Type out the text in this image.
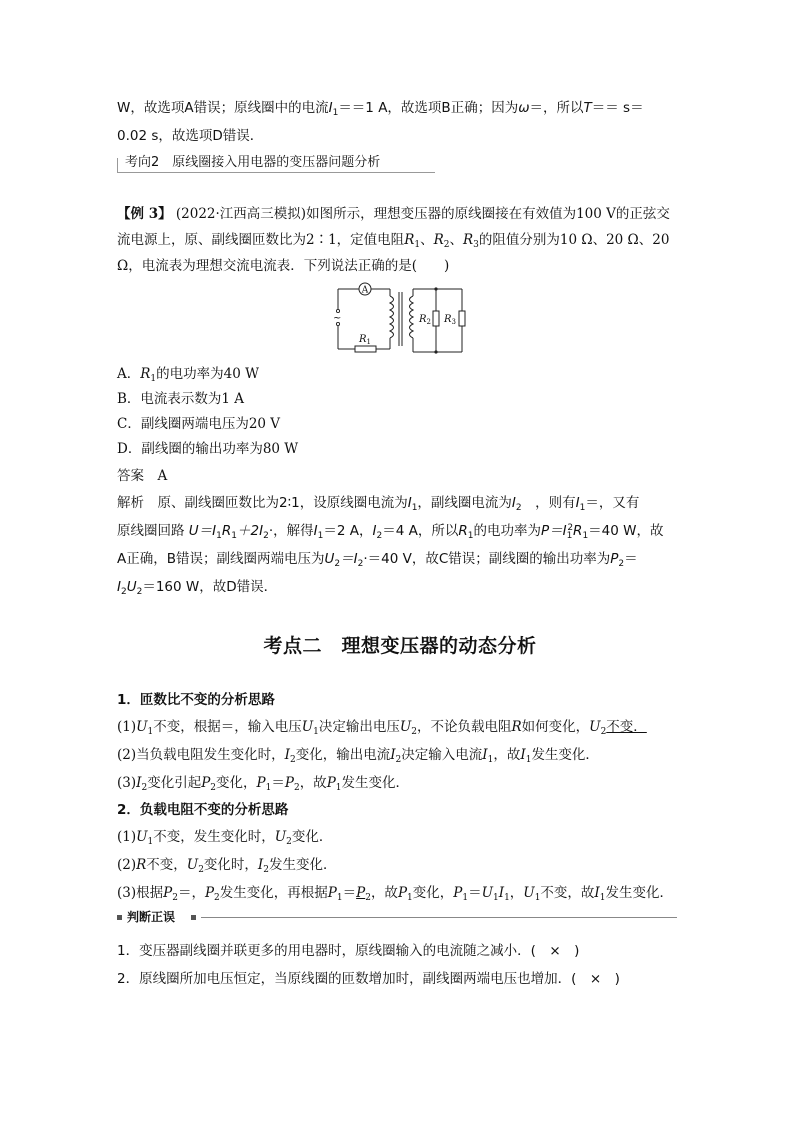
W，故选项A错误；原线圈中的电流$I_1==1$ A，故选项B正确；因为ω＝，所以T＝＝ s＝
0.02 s，故选项D错误．
考向2　原线圈接入用电器的变压器问题分析
【例 3】 (2022·江西高三模拟)如图所示，理想变压器的原线圈接在有效值为100 V的正弦交
流电源上，原、副线圈匝数比为2∶1，定值电阻$R_1$、$R_2$、$R_3$的阻值分别为10 Ω、20 Ω、20
Ω，电流表为理想交流电流表．下列说法正确的是(　　)
A
~
$R_1$
$R_2$ $R_3$
A．$R_1$的电功率为40 W
B．电流表示数为1 A
C．副线圈两端电压为20 V
D．副线圈的输出功率为80 W
答案　 A
解析　 原、副线圈匝数比为2∶1，设原线圈电流为$I_1$，副线圈电流为$I_2$　 ，则有$I_1=$，又有
原线圈回路 $U=I_1R_1+2I_2\cdot$，解得$I_1=2$ A，$I_2=4$ A，所以$R_1$的电功率为$P=I_1^2R_1=40$ W，故
A正确，B错误；副线圈两端电压为$U_2=I_2\cdot=40$ V，故C错误；副线圈的输出功率为$P_2=$
$I_2U_2=160$ W，故D错误．
考点二　理想变压器的动态分析
1．匝数比不变的分析思路
$(1)U_1$不变，根据＝，输入电压$U_1$决定输出电压$U_2$，不论负载电阻R如何变化，$U_2$不变．
(2)当负载电阻发生变化时，$I_2$变化，输出电流$I_2$决定输入电流$I_1$，故$I_1$发生变化．
$(3)I_2$变化引起$P_2$变化，$P_1=P_2$，故$P_1$发生变化．
2．负载电阻不变的分析思路
$(1)U_1$不变，发生变化时，$U_2$变化．
(2)R不变，$U_2$变化时，$I_2$发生变化．
(3)根据$P_2=$，$P_2$发生变化，再根据$P_1=P_2$，故$P_1$变化，$P_1=U_1I_1$，$U_1$不变，故$I_1$发生变化．
判断正误
1．变压器副线圈并联更多的用电器时，原线圈输入的电流随之减小．(　×　)
2．原线圈所加电压恒定，当原线圈的匝数增加时，副线圈两端电压也增加．(　×　)
